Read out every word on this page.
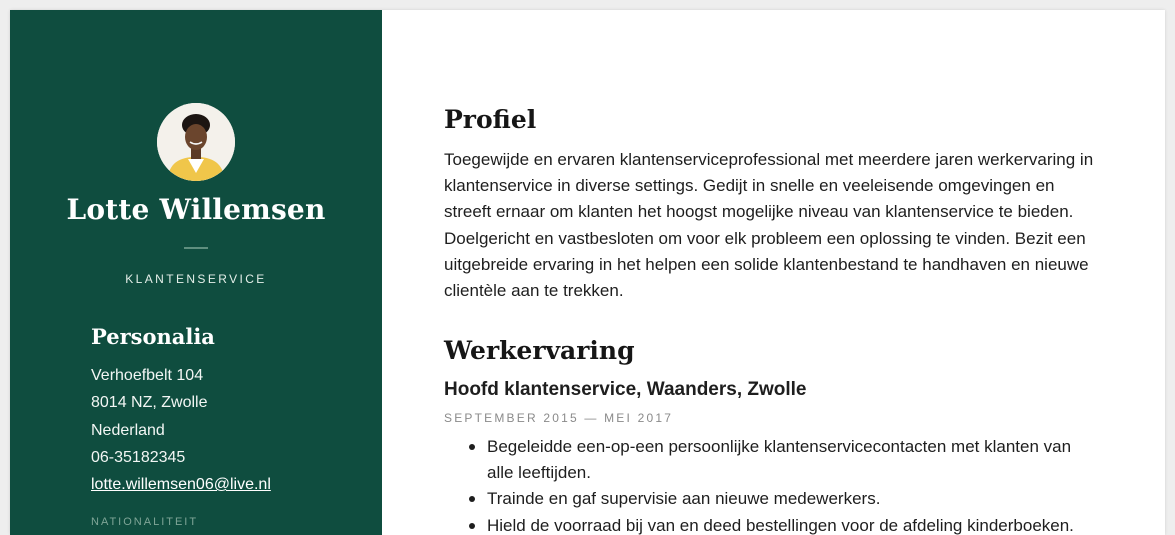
Lotte Willemsen
KLANTENSERVICE
Personalia
Verhoefbelt 104
8014 NZ, Zwolle
Nederland
06-35182345
lotte.willemsen06@live.nl
NATIONALITEIT
Profiel
Toegewijde en ervaren klantenserviceprofessional met meerdere jaren werkervaring in klantenservice in diverse settings. Gedijt in snelle en veeleisende omgevingen en streeft ernaar om klanten het hoogst mogelijke niveau van klantenservice te bieden. Doelgericht en vastbesloten om voor elk probleem een oplossing te vinden. Bezit een uitgebreide ervaring in het helpen een solide klantenbestand te handhaven en nieuwe clientèle aan te trekken.
Werkervaring
Hoofd klantenservice, Waanders, Zwolle
SEPTEMBER 2015 — MEI 2017
Begeleidde een-op-een persoonlijke klantenservicecontacten met klanten van alle leeftijden.
Trainde en gaf supervisie aan nieuwe medewerkers.
Hield de voorraad bij van en deed bestellingen voor de afdeling kinderboeken.
